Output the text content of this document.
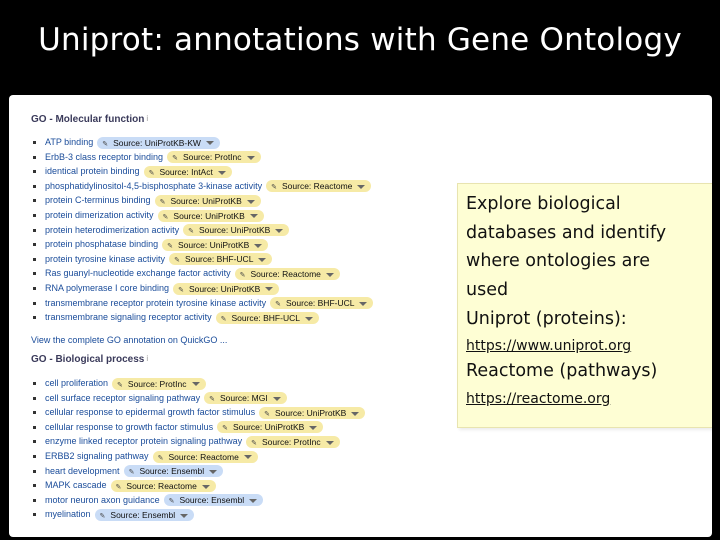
Uniprot: annotations with Gene Ontology
GO - Molecular function $^i$
ATP binding ✎ Source: UniProtKB-KW
ErbB-3 class receptor binding ✎ Source: ProtInc
identical protein binding ✎ Source: IntAct
phosphatidylinositol-4,5-bisphosphate 3-kinase activity ✎ Source: Reactome
protein C-terminus binding ✎ Source: UniProtKB
protein dimerization activity ✎ Source: UniProtKB
protein heterodimerization activity ✎ Source: UniProtKB
protein phosphatase binding ✎ Source: UniProtKB
protein tyrosine kinase activity ✎ Source: BHF-UCL
Ras guanyl-nucleotide exchange factor activity ✎ Source: Reactome
RNA polymerase I core binding ✎ Source: UniProtKB
transmembrane receptor protein tyrosine kinase activity ✎ Source: BHF-UCL
transmembrane signaling receptor activity ✎ Source: BHF-UCL
View the complete GO annotation on QuickGO ...
GO - Biological process $^i$
cell proliferation ✎ Source: ProtInc
cell surface receptor signaling pathway ✎ Source: MGI
cellular response to epidermal growth factor stimulus ✎ Source: UniProtKB
cellular response to growth factor stimulus ✎ Source: UniProtKB
enzyme linked receptor protein signaling pathway ✎ Source: ProtInc
ERBB2 signaling pathway ✎ Source: Reactome
heart development ✎ Source: Ensembl
MAPK cascade ✎ Source: Reactome
motor neuron axon guidance ✎ Source: Ensembl
myelination ✎ Source: Ensembl
Explore biological
databases and identify
where ontologies are
used
Uniprot (proteins):
https://www.uniprot.org
Reactome (pathways)
https://reactome.org
